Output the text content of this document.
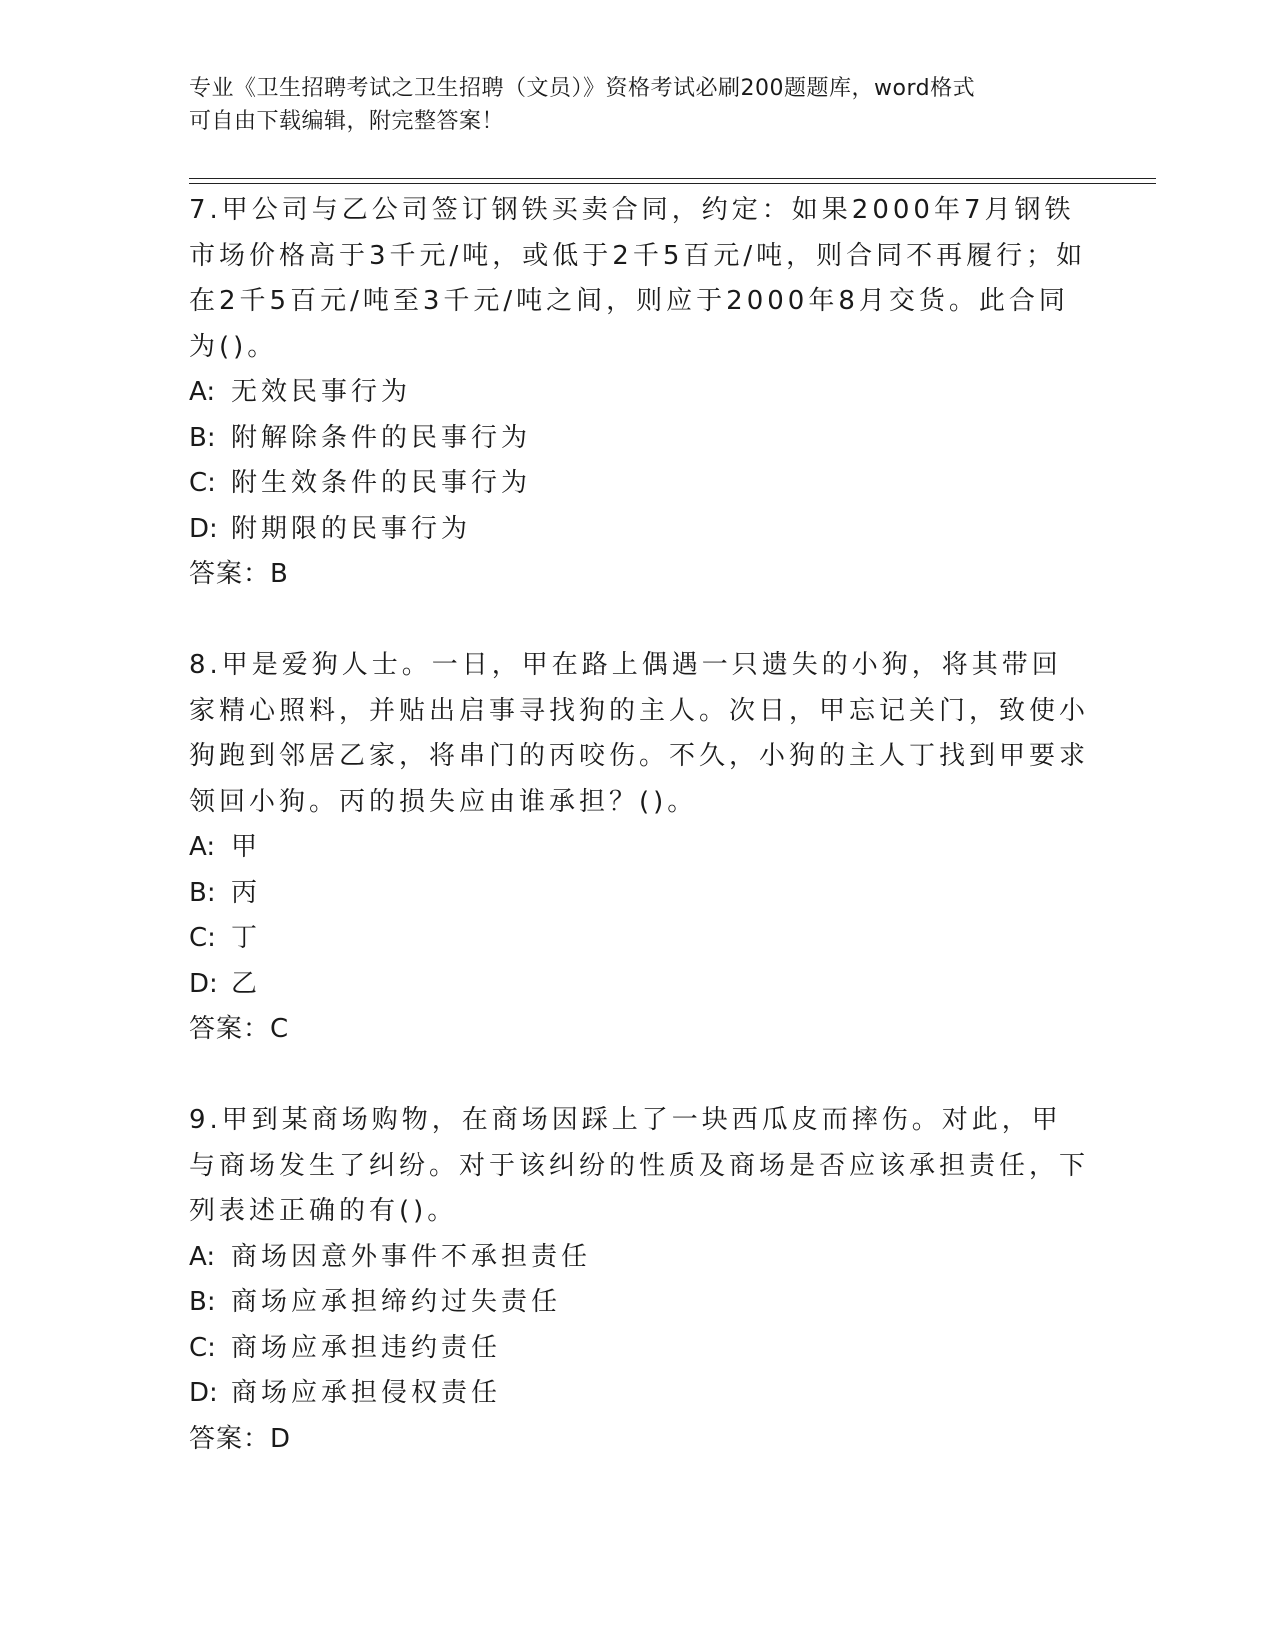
专业《卫生招聘考试之卫生招聘（文员）》资格考试必刷200题题库，word格式
可自由下载编辑，附完整答案！

7.甲公司与乙公司签订钢铁买卖合同，约定：如果2000年7月钢铁市场价格高于3千元/吨，或低于2千5百元/吨，则合同不再履行；如在2千5百元/吨至3千元/吨之间，则应于2000年8月交货。此合同为()。

A: 无效民事行为

B: 附解除条件的民事行为

C: 附生效条件的民事行为

D: 附期限的民事行为

答案：B

8.甲是爱狗人士。一日，甲在路上偶遇一只遗失的小狗，将其带回家精心照料，并贴出启事寻找狗的主人。次日，甲忘记关门，致使小狗跑到邻居乙家，将串门的丙咬伤。不久，小狗的主人丁找到甲要求领回小狗。丙的损失应由谁承担？()。

A: 甲

B: 丙

C: 丁

D: 乙

答案：C

9.甲到某商场购物，在商场因踩上了一块西瓜皮而摔伤。对此，甲与商场发生了纠纷。对于该纠纷的性质及商场是否应该承担责任，下列表述正确的有()。

A: 商场因意外事件不承担责任

B: 商场应承担缔约过失责任

C: 商场应承担违约责任

D: 商场应承担侵权责任

答案：D
